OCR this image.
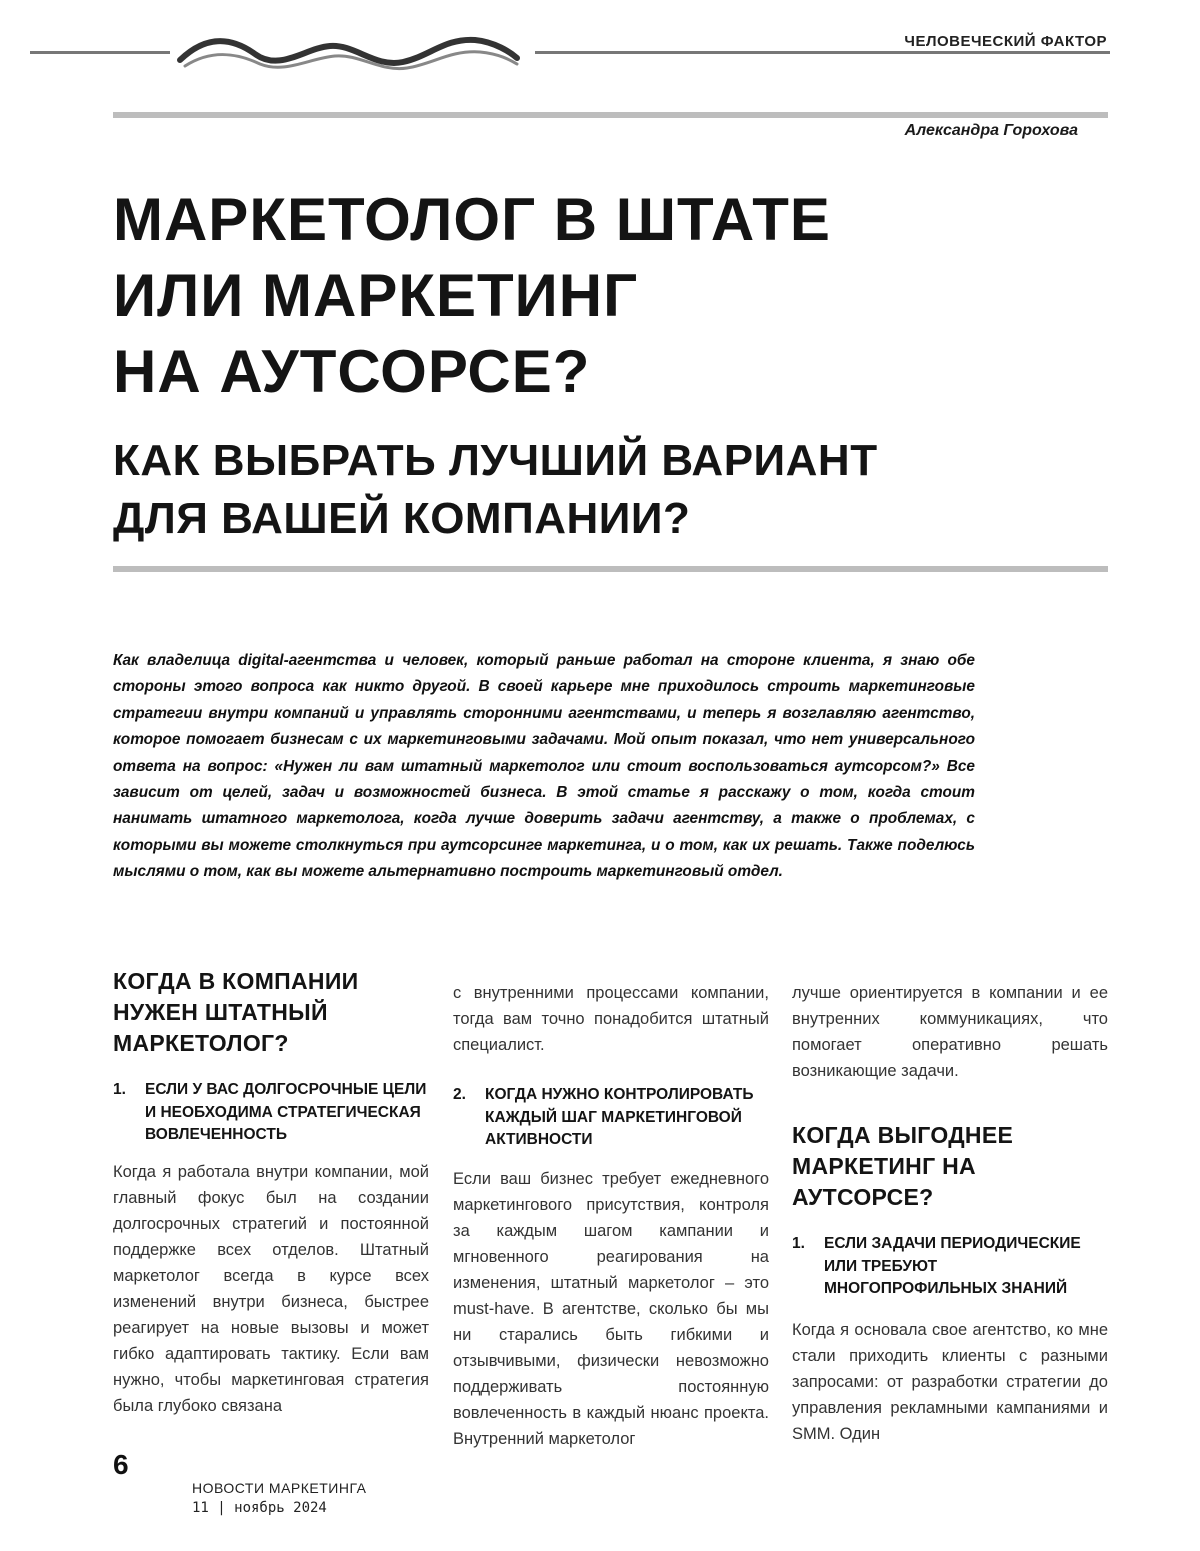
ЧЕЛОВЕЧЕСКИЙ ФАКТОР
Александра Горохова
МАРКЕТОЛОГ В ШТАТЕ
ИЛИ МАРКЕТИНГ
НА АУТСОРСЕ?
КАК ВЫБРАТЬ ЛУЧШИЙ ВАРИАНТ
ДЛЯ ВАШЕЙ КОМПАНИИ?

Как владелица digital-агентства и человек, который раньше работал на стороне клиента, я знаю обе стороны этого вопроса как никто другой. В своей карьере мне приходилось строить маркетинговые стратегии внутри компаний и управлять сторонними агентствами, и теперь я возглавляю агентство, которое помогает бизнесам с их маркетинговыми задачами. Мой опыт показал, что нет универсального ответа на вопрос: «Нужен ли вам штатный маркетолог или стоит воспользоваться аутсорсом?» Все зависит от целей, задач и возможностей бизнеса. В этой статье я расскажу о том, когда стоит нанимать штатного маркетолога, когда лучше доверить задачи агентству, а также о проблемах, с которыми вы можете столкнуться при аутсорсинге маркетинга, и о том, как их решать. Также поделюсь мыслями о том, как вы можете альтернативно построить маркетинговый отдел.

КОГДА В КОМПАНИИ НУЖЕН ШТАТНЫЙ МАРКЕТОЛОГ?
1.	ЕСЛИ У ВАС ДОЛГОСРОЧНЫЕ ЦЕЛИ И НЕОБХОДИМА СТРАТЕГИЧЕСКАЯ ВОВЛЕЧЕННОСТЬ

Когда я работала внутри компании, мой главный фокус был на создании долгосрочных стратегий и постоянной поддержке всех отделов. Штатный маркетолог всегда в курсе всех изменений внутри бизнеса, быстрее реагирует на новые вызовы и может гибко адаптировать тактику. Если вам нужно, чтобы маркетинговая стратегия была глубоко связана

с внутренними процессами компании, тогда вам точно понадобится штатный специалист.

2.	КОГДА НУЖНО КОНТРОЛИРОВАТЬ КАЖДЫЙ ШАГ МАРКЕТИНГОВОЙ АКТИВНОСТИ

Если ваш бизнес требует ежедневного маркетингового присутствия, контроля за каждым шагом кампании и мгновенного реагирования на изменения, штатный маркетолог – это must-have. В агентстве, сколько бы мы ни старались быть гибкими и отзывчивыми, физически невозможно поддерживать постоянную вовлеченность в каждый нюанс проекта. Внутренний маркетолог

лучше ориентируется в компании и ее внутренних коммуникациях, что помогает оперативно решать возникающие задачи.

КОГДА ВЫГОДНЕЕ МАРКЕТИНГ НА АУТСОРСЕ?
1.	ЕСЛИ ЗАДАЧИ ПЕРИОДИЧЕСКИЕ ИЛИ ТРЕБУЮТ МНОГОПРОФИЛЬНЫХ ЗНАНИЙ

Когда я основала свое агентство, ко мне стали приходить клиенты с разными запросами: от разработки стратегии до управления рекламными кампаниями и SMM. Один

6
НОВОСТИ МАРКЕТИНГА
11 | ноябрь 2024
